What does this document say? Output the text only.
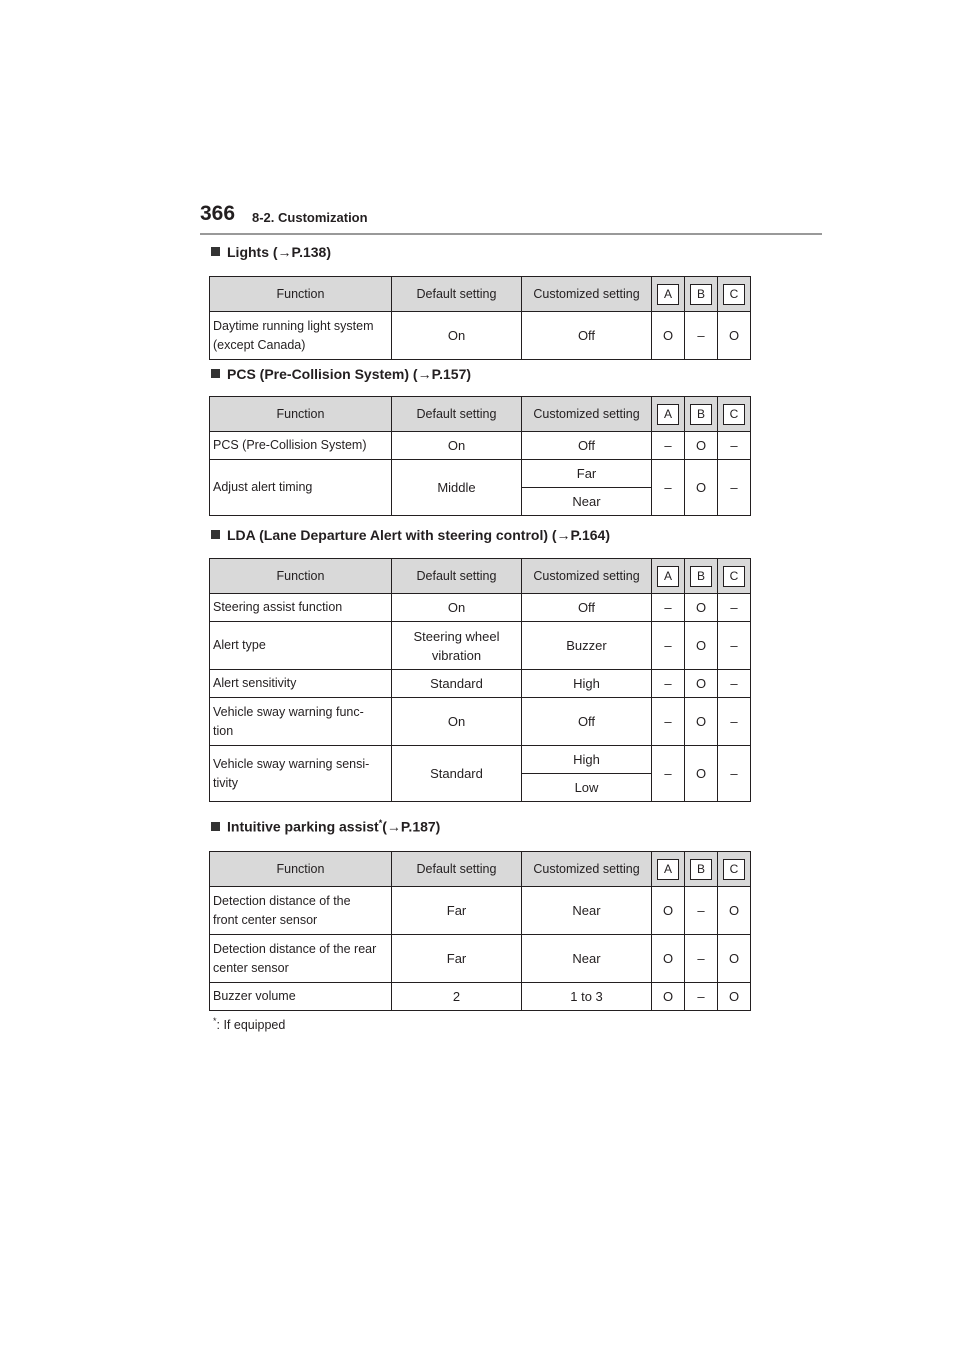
366 8-2. Customization
Lights (→P.138)
Function	Default setting	Customized setting	A	B	C
Daytime running light system
(except Canada)	On	Off	O	–	O
PCS (Pre-Collision System) (→P.157)
Function	Default setting	Customized setting	A	B	C
PCS (Pre-Collision System)	On	Off	–	O	–
Adjust alert timing	Middle	Far	–	O	–
		Near			
LDA (Lane Departure Alert with steering control) (→P.164)
Function	Default setting	Customized setting	A	B	C
Steering assist function	On	Off	–	O	–
Alert type	Steering wheel
vibration	Buzzer	–	O	–
Alert sensitivity	Standard	High	–	O	–
Vehicle sway warning func-
tion	On	Off	–	O	–
Vehicle sway warning sensi-
tivity	Standard	High	–	O	–
		Low			
Intuitive parking assist*(→P.187)
Function	Default setting	Customized setting	A	B	C
Detection distance of the
front center sensor	Far	Near	O	–	O
Detection distance of the rear
center sensor	Far	Near	O	–	O
Buzzer volume	2	1 to 3	O	–	O
*: If equipped
